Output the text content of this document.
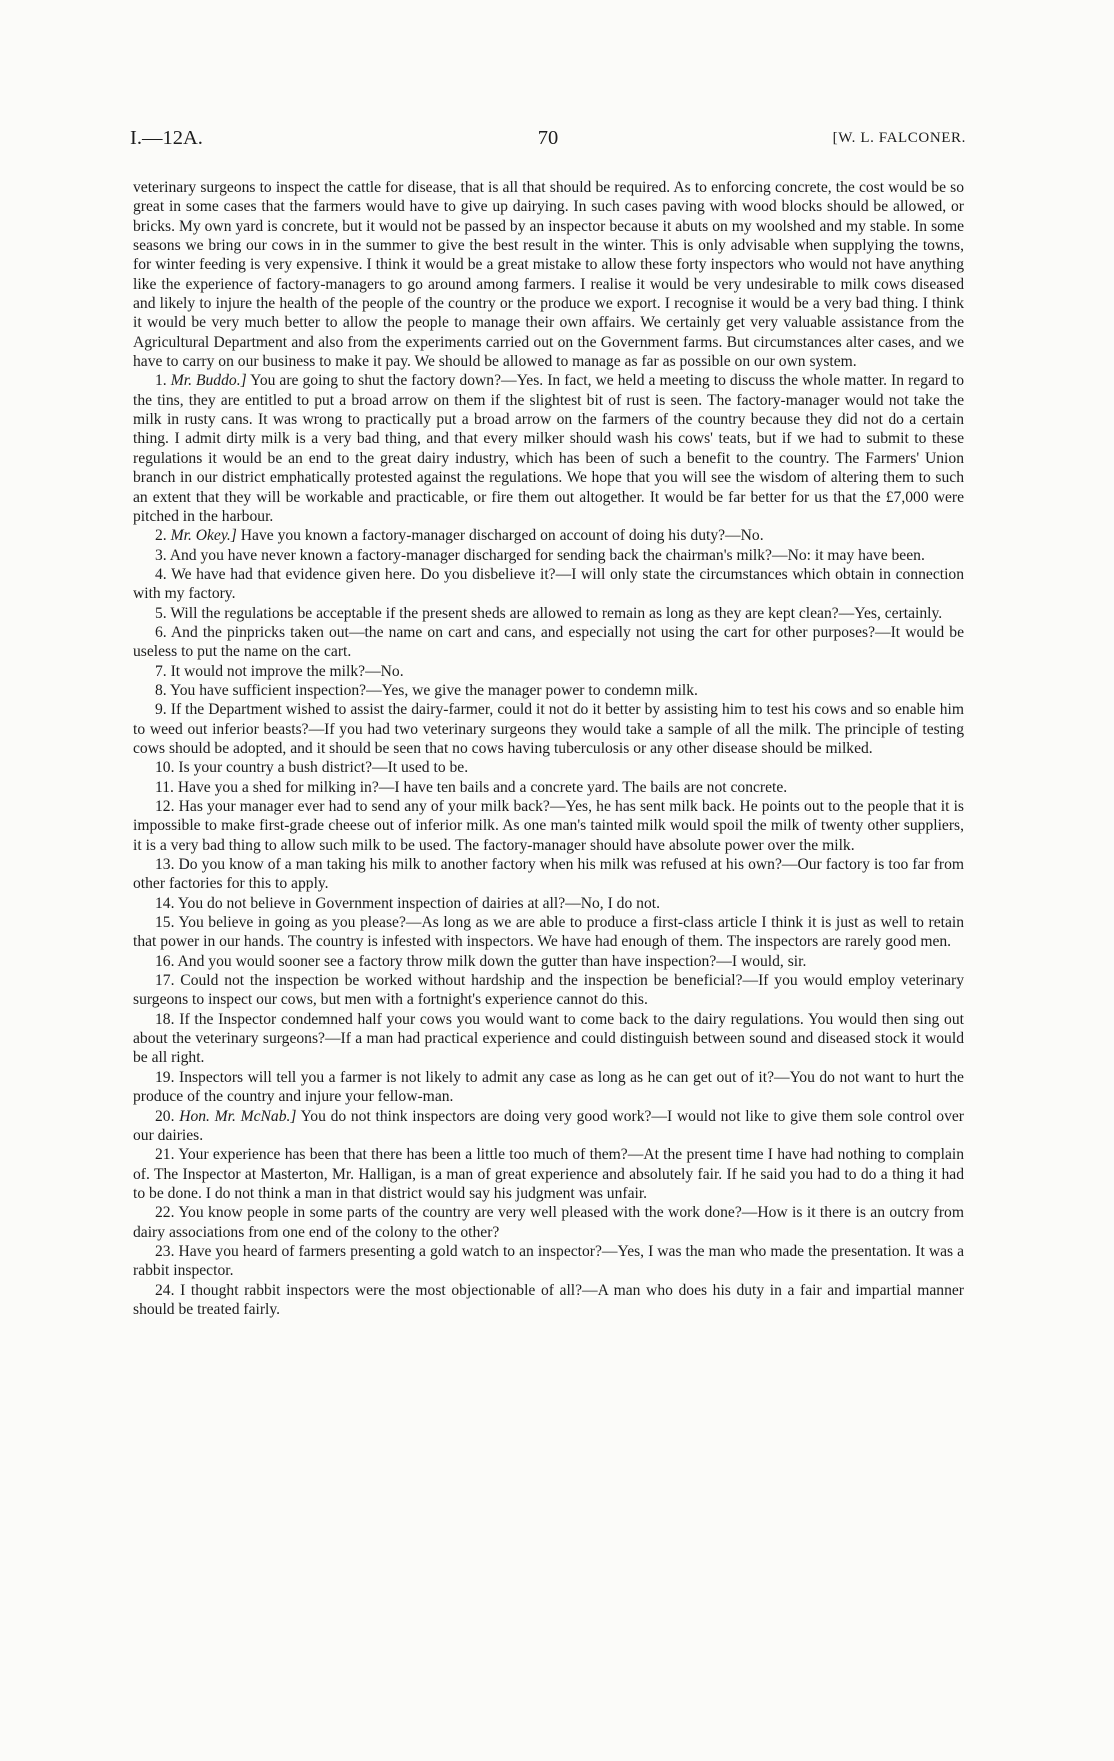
I.—12A.	70	[W. L. FALCONER.

veterinary surgeons to inspect the cattle for disease, that is all that should be required. As to enforcing concrete, the cost would be so great in some cases that the farmers would have to give up dairying. In such cases paving with wood blocks should be allowed, or bricks. My own yard is concrete, but it would not be passed by an inspector because it abuts on my woolshed and my stable. In some seasons we bring our cows in in the summer to give the best result in the winter. This is only advisable when supplying the towns, for winter feeding is very expensive. I think it would be a great mistake to allow these forty inspectors who would not have anything like the experience of factory-managers to go around among farmers. I realise it would be very undesirable to milk cows diseased and likely to injure the health of the people of the country or the produce we export. I recognise it would be a very bad thing. I think it would be very much better to allow the people to manage their own affairs. We certainly get very valuable assistance from the Agricultural Department and also from the experiments carried out on the Government farms. But circumstances alter cases, and we have to carry on our business to make it pay. We should be allowed to manage as far as possible on our own system.

1. Mr. Buddo.] You are going to shut the factory down?—Yes. In fact, we held a meeting to discuss the whole matter. In regard to the tins, they are entitled to put a broad arrow on them if the slightest bit of rust is seen. The factory-manager would not take the milk in rusty cans. It was wrong to practically put a broad arrow on the farmers of the country because they did not do a certain thing. I admit dirty milk is a very bad thing, and that every milker should wash his cows' teats, but if we had to submit to these regulations it would be an end to the great dairy industry, which has been of such a benefit to the country. The Farmers' Union branch in our district emphatically protested against the regulations. We hope that you will see the wisdom of altering them to such an extent that they will be workable and practicable, or fire them out altogether. It would be far better for us that the £7,000 were pitched in the harbour.

2. Mr. Okey.] Have you known a factory-manager discharged on account of doing his duty?—No.

3. And you have never known a factory-manager discharged for sending back the chairman's milk?—No: it may have been.

4. We have had that evidence given here. Do you disbelieve it?—I will only state the circumstances which obtain in connection with my factory.

5. Will the regulations be acceptable if the present sheds are allowed to remain as long as they are kept clean?—Yes, certainly.

6. And the pinpricks taken out—the name on cart and cans, and especially not using the cart for other purposes?—It would be useless to put the name on the cart.

7. It would not improve the milk?—No.

8. You have sufficient inspection?—Yes, we give the manager power to condemn milk.

9. If the Department wished to assist the dairy-farmer, could it not do it better by assisting him to test his cows and so enable him to weed out inferior beasts?—If you had two veterinary surgeons they would take a sample of all the milk. The principle of testing cows should be adopted, and it should be seen that no cows having tuberculosis or any other disease should be milked.

10. Is your country a bush district?—It used to be.

11. Have you a shed for milking in?—I have ten bails and a concrete yard. The bails are not concrete.

12. Has your manager ever had to send any of your milk back?—Yes, he has sent milk back. He points out to the people that it is impossible to make first-grade cheese out of inferior milk. As one man's tainted milk would spoil the milk of twenty other suppliers, it is a very bad thing to allow such milk to be used. The factory-manager should have absolute power over the milk.

13. Do you know of a man taking his milk to another factory when his milk was refused at his own?—Our factory is too far from other factories for this to apply.

14. You do not believe in Government inspection of dairies at all?—No, I do not.

15. You believe in going as you please?—As long as we are able to produce a first-class article I think it is just as well to retain that power in our hands. The country is infested with inspectors. We have had enough of them. The inspectors are rarely good men.

16. And you would sooner see a factory throw milk down the gutter than have inspection?—I would, sir.

17. Could not the inspection be worked without hardship and the inspection be beneficial?—If you would employ veterinary surgeons to inspect our cows, but men with a fortnight's experience cannot do this.

18. If the Inspector condemned half your cows you would want to come back to the dairy regulations. You would then sing out about the veterinary surgeons?—If a man had practical experience and could distinguish between sound and diseased stock it would be all right.

19. Inspectors will tell you a farmer is not likely to admit any case as long as he can get out of it?—You do not want to hurt the produce of the country and injure your fellow-man.

20. Hon. Mr. McNab.] You do not think inspectors are doing very good work?—I would not like to give them sole control over our dairies.

21. Your experience has been that there has been a little too much of them?—At the present time I have had nothing to complain of. The Inspector at Masterton, Mr. Halligan, is a man of great experience and absolutely fair. If he said you had to do a thing it had to be done. I do not think a man in that district would say his judgment was unfair.

22. You know people in some parts of the country are very well pleased with the work done?—How is it there is an outcry from dairy associations from one end of the colony to the other?

23. Have you heard of farmers presenting a gold watch to an inspector?—Yes, I was the man who made the presentation. It was a rabbit inspector.

24. I thought rabbit inspectors were the most objectionable of all?—A man who does his duty in a fair and impartial manner should be treated fairly.
